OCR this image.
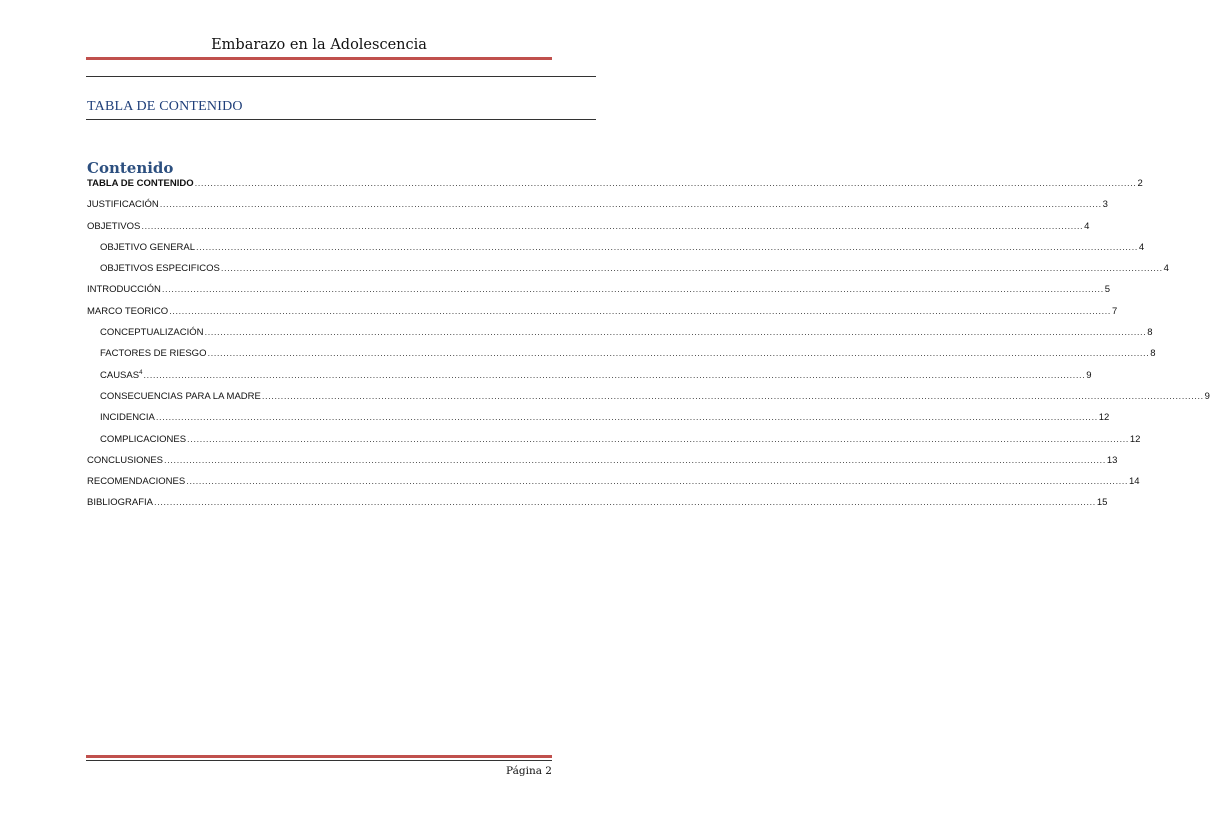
Embarazo en la Adolescencia
TABLA DE CONTENIDO
Contenido
TABLA DE CONTENIDO ............................................................................................................................................................................................................................................................................................................ 2
JUSTIFICACIÓN ............................................................................................................................................................................................................................................................................................................ 3
OBJETIVOS ............................................................................................................................................................................................................................................................................................................ 4
OBJETIVO GENERAL ............................................................................................................................................................................................................................................................................................................ 4
OBJETIVOS ESPECIFICOS ............................................................................................................................................................................................................................................................................................................ 4
INTRODUCCIÓN ............................................................................................................................................................................................................................................................................................................ 5
MARCO TEORICO ............................................................................................................................................................................................................................................................................................................ 7
CONCEPTUALIZACIÓN ............................................................................................................................................................................................................................................................................................................ 8
FACTORES DE RIESGO ............................................................................................................................................................................................................................................................................................................ 8
CAUSAS$^4$ ............................................................................................................................................................................................................................................................................................................ 9
CONSECUENCIAS PARA LA MADRE ............................................................................................................................................................................................................................................................................................................ 9
INCIDENCIA ............................................................................................................................................................................................................................................................................................................ 12
COMPLICACIONES ............................................................................................................................................................................................................................................................................................................ 12
CONCLUSIONES ............................................................................................................................................................................................................................................................................................................ 13
RECOMENDACIONES ............................................................................................................................................................................................................................................................................................................ 14
BIBLIOGRAFIA ............................................................................................................................................................................................................................................................................................................ 15
Página 2
